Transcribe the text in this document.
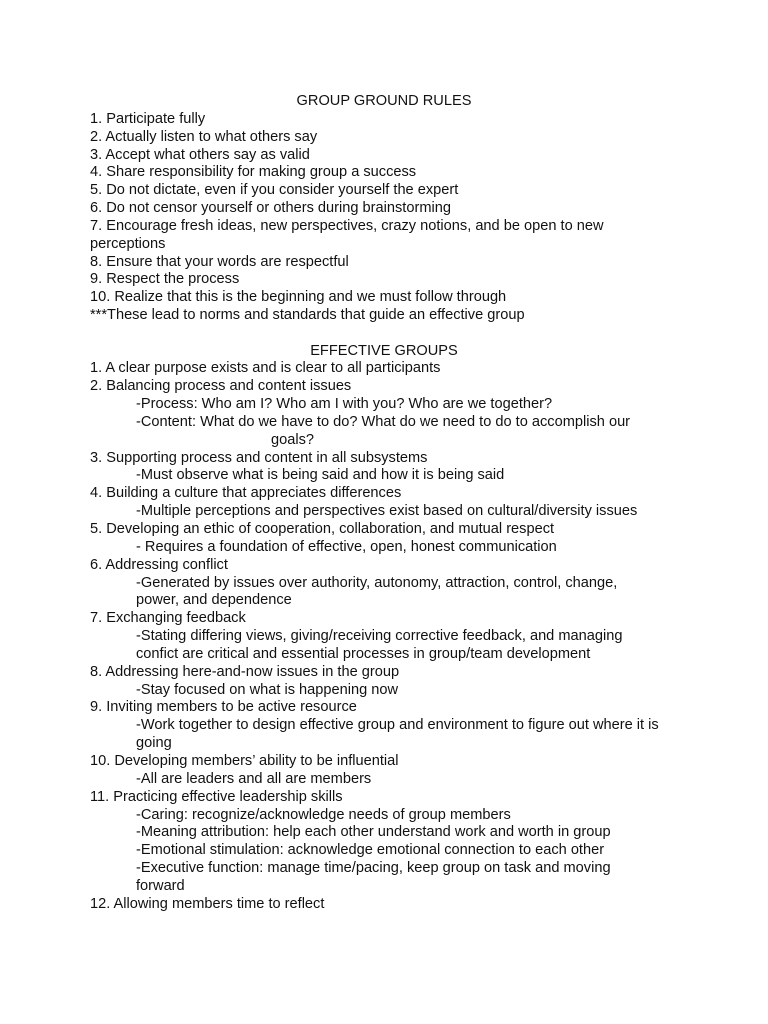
GROUP GROUND RULES
1. Participate fully
2. Actually listen to what others say
3. Accept what others say as valid
4. Share responsibility for making group a success
5. Do not dictate, even if you consider yourself the expert
6. Do not censor yourself or others during brainstorming
7. Encourage fresh ideas, new perspectives, crazy notions, and be open to new
perceptions
8. Ensure that your words are respectful
9. Respect the process
10. Realize that this is the beginning and we must follow through
***These lead to norms and standards that guide an effective group
EFFECTIVE GROUPS
1. A clear purpose exists and is clear to all participants
2. Balancing process and content issues
-Process: Who am I? Who am I with you? Who are we together?
-Content: What do we have to do? What do we need to do to accomplish our
goals?
3. Supporting process and content in all subsystems
-Must observe what is being said and how it is being said
4. Building a culture that appreciates differences
-Multiple perceptions and perspectives exist based on cultural/diversity issues
5. Developing an ethic of cooperation, collaboration, and mutual respect
- Requires a foundation of effective, open, honest communication
6. Addressing conflict
-Generated by issues over authority, autonomy, attraction, control, change,
power, and dependence
7. Exchanging feedback
-Stating differing views, giving/receiving corrective feedback, and managing
confict are critical and essential processes in group/team development
8. Addressing here-and-now issues in the group
-Stay focused on what is happening now
9. Inviting members to be active resource
-Work together to design effective group and environment to figure out where it is
going
10. Developing members’ ability to be influential
-All are leaders and all are members
11. Practicing effective leadership skills
-Caring: recognize/acknowledge needs of group members
-Meaning attribution: help each other understand work and worth in group
-Emotional stimulation: acknowledge emotional connection to each other
-Executive function: manage time/pacing, keep group on task and moving
forward
12. Allowing members time to reflect
